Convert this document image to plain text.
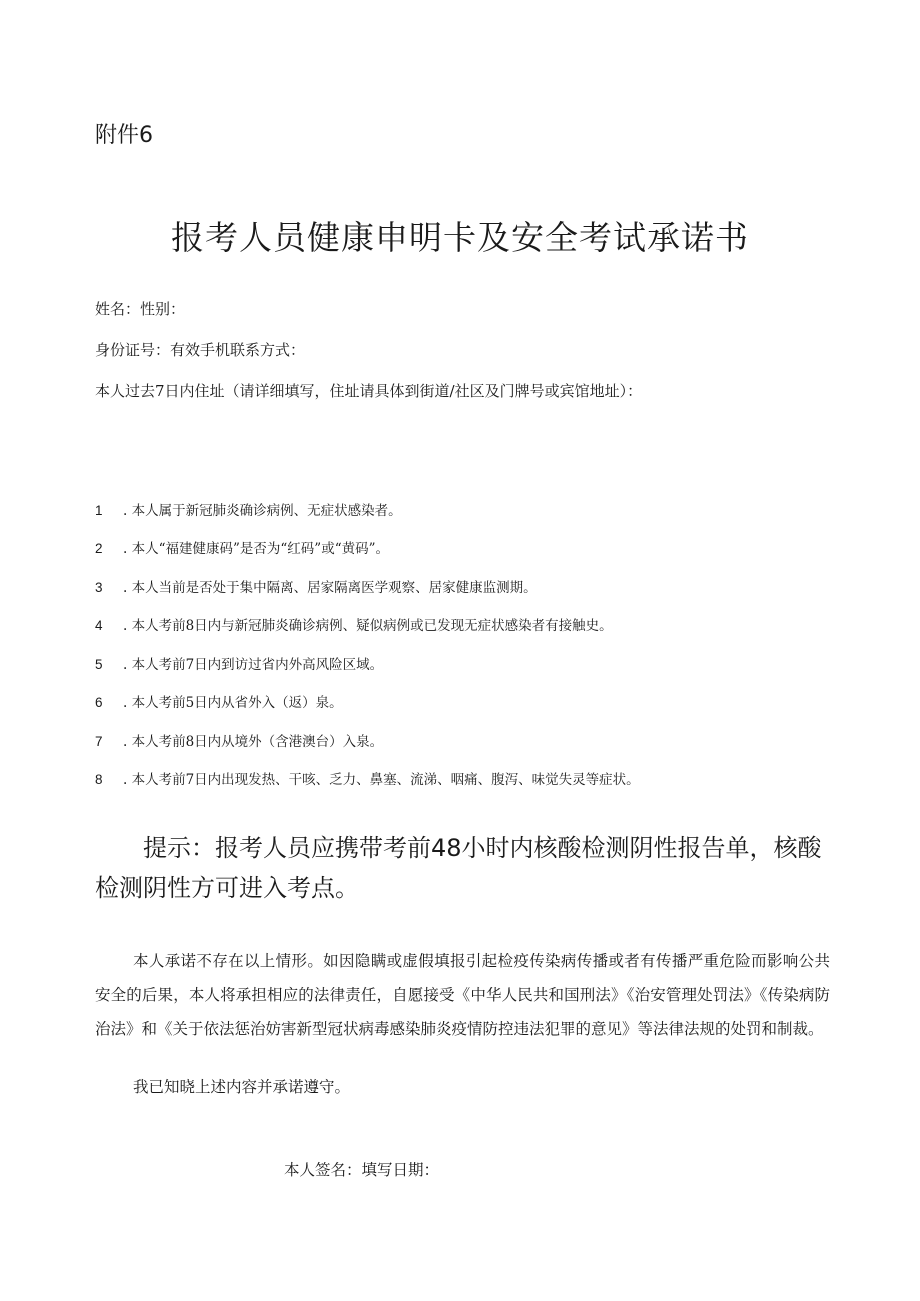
附件6
报考人员健康申明卡及安全考试承诺书
姓名：性别：
身份证号：有效手机联系方式：
本人过去7日内住址（请详细填写，住址请具体到街道/社区及门牌号或宾馆地址）：
1 . 本人属于新冠肺炎确诊病例、无症状感染者。
2 . 本人“福建健康码”是否为“红码”或“黄码”。
3 . 本人当前是否处于集中隔离、居家隔离医学观察、居家健康监测期。
4 . 本人考前8日内与新冠肺炎确诊病例、疑似病例或已发现无症状感染者有接触史。
5 . 本人考前7日内到访过省内外高风险区域。
6 . 本人考前5日内从省外入（返）泉。
7 . 本人考前8日内从境外（含港澳台）入泉。
8 . 本人考前7日内出现发热、干咳、乏力、鼻塞、流涕、咽痛、腹泻、味觉失灵等症状。
提示：报考人员应携带考前48小时内核酸检测阴性报告单，核酸检测阴性方可进入考点。
本人承诺不存在以上情形。如因隐瞒或虚假填报引起检疫传染病传播或者有传播严重危险而影响公共安全的后果，本人将承担相应的法律责任，自愿接受《中华人民共和国刑法》《治安管理处罚法》《传染病防治法》和《关于依法惩治妨害新型冠状病毒感染肺炎疫情防控违法犯罪的意见》等法律法规的处罚和制裁。
我已知晓上述内容并承诺遵守。
本人签名：填写日期：
